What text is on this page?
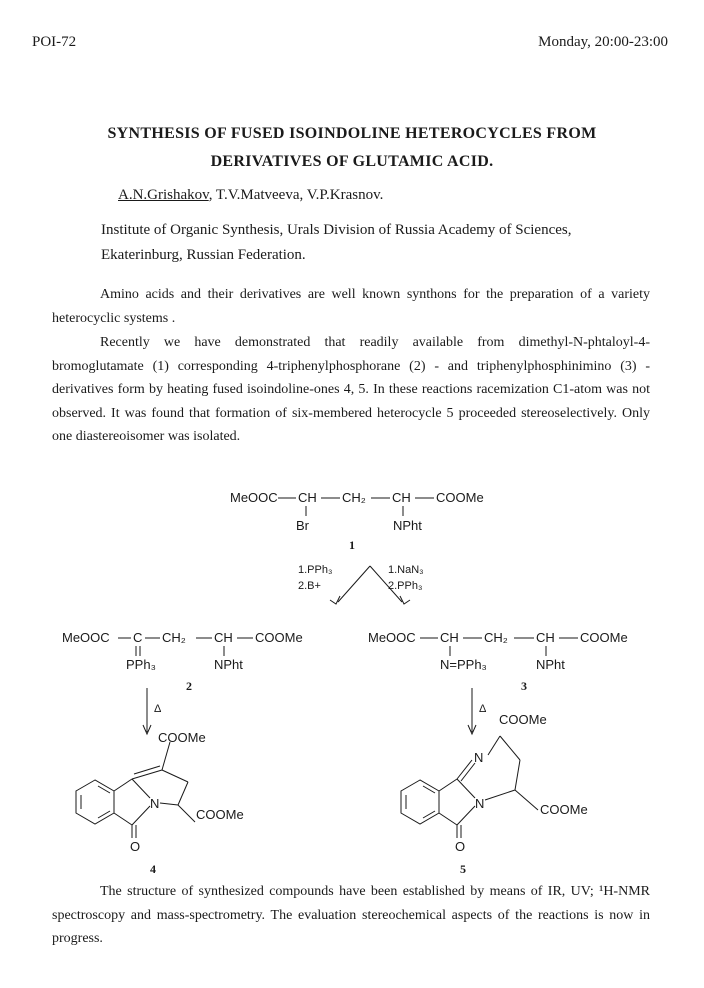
POI-72	Monday, 20:00-23:00
SYNTHESIS OF FUSED ISOINDOLINE HETEROCYCLES FROM
DERIVATIVES OF GLUTAMIC ACID.
A.N.Grishakov, T.V.Matveeva, V.P.Krasnov.
Institute of Organic Synthesis, Urals Division of Russia Academy of Sciences,
Ekaterinburg, Russian Federation.
Amino acids and their derivatives are well known synthons for the preparation of a variety heterocyclic systems .
Recently we have demonstrated that readily available from dimethyl-N-phtaloyl-4-bromoglutamate (1) corresponding 4-triphenylphosphorane (2) - and triphenylphosphinimino (3) - derivatives form by heating fused isoindoline-ones 4, 5. In these reactions racemization C1-atom was not observed. It was found that formation of six-membered heterocycle 5 proceeded stereoselectively. Only one diastereoisomer was isolated.
MeOOC CH CH₂ CH COOMe
Br	NPht
1
1.PPh₃
2.B+
1.NaN₃
2.PPh₃
MeOOC C CH₂ CH COOMe
PPh₃	NPht
2
MeOOC CH CH₂ CH COOMe
N=PPh₃	NPht
3
Δ	Δ
COOMe
N
COOMe
O
4
COOMe
N
N	COOMe
O
5
The structure of synthesized compounds have been established by means of IR, UV; ¹H-NMR spectroscopy and mass-spectrometry. The evaluation stereochemical aspects of the reactions is now in progress.
